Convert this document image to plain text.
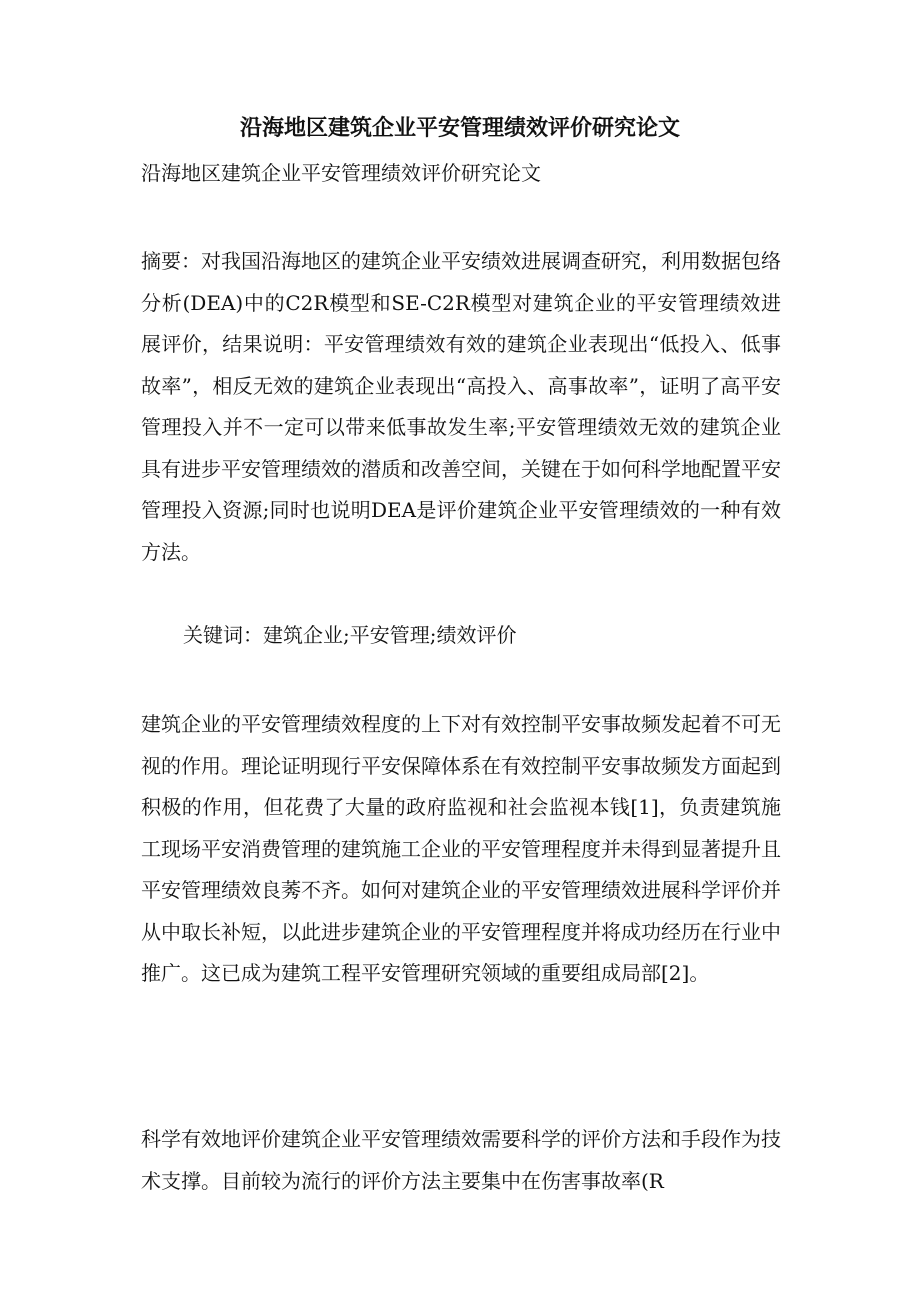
沿海地区建筑企业平安管理绩效评价研究论文

沿海地区建筑企业平安管理绩效评价研究论文

摘要：对我国沿海地区的建筑企业平安绩效进展调查研究，利用数据包络分析(DEA)中的C2R模型和SE-C2R模型对建筑企业的平安管理绩效进展评价，结果说明：平安管理绩效有效的建筑企业表现出“低投入、低事故率”，相反无效的建筑企业表现出“高投入、高事故率”，证明了高平安管理投入并不一定可以带来低事故发生率;平安管理绩效无效的建筑企业具有进步平安管理绩效的潜质和改善空间，关键在于如何科学地配置平安管理投入资源;同时也说明DEA是评价建筑企业平安管理绩效的一种有效方法。

关键词：建筑企业;平安管理;绩效评价

建筑企业的平安管理绩效程度的上下对有效控制平安事故频发起着不可无视的作用。理论证明现行平安保障体系在有效控制平安事故频发方面起到积极的作用，但花费了大量的政府监视和社会监视本钱[1]，负责建筑施工现场平安消费管理的建筑施工企业的平安管理程度并未得到显著提升且平安管理绩效良莠不齐。如何对建筑企业的平安管理绩效进展科学评价并从中取长补短，以此进步建筑企业的平安管理程度并将成功经历在行业中推广。这已成为建筑工程平安管理研究领域的重要组成局部[2]。

科学有效地评价建筑企业平安管理绩效需要科学的评价方法和手段作为技术支撑。目前较为流行的评价方法主要集中在伤害事故率(R
